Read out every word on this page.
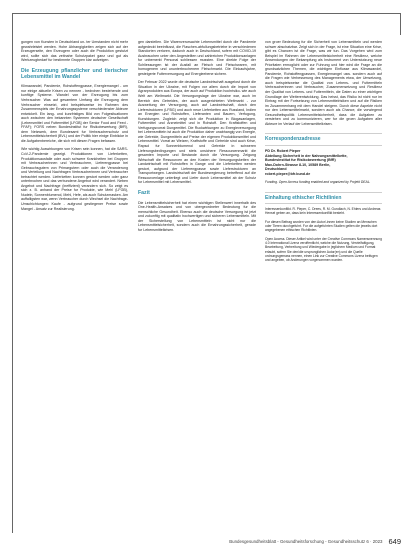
gungen von Kunsten in Deutschland un- ter Umstanden nicht mehr gewahrleistet werden. Hohe Abhangigkeiten zeigen sich auf der Erzeugerseite, den Erzeugern oder auch die Produktion gestutzt wird, sollte sich das zeitnahe Schutzpaket ganz und gut als Werkzeugbedarf fur bestimmte Gruppen klar aufzeigen.

Die Erzeugung pflanzlicher und tierischer Lebensmittel im Wandel

Klimawandel, Pandemie, Rohstoffengpasse, Energiemangel - um nur einige aktuelle Krisen zu nennen - bedrohen bestehende und kunftige Systeme. Wandel von der Erzeugung bis zum Verbraucher. Was auf gesamtem Umfang die Erzeugung dem Verbraucher einsetzt, wird beispielsweise im Rahmen des Zusammenspiels der Ernahrungssysteme verschiedenster Akteure entwickelt. Ein lang- und kurzfristiges Bild von Folgesituationen auch zwischen den bekannten Systemen deutscher Gesellschaft (Lebensmittel und Futtermittel [LFGB] der Senior Food and Feed - FFAF); FORS neben Bundesinstitut fur Risikobewertung (BfR), dem Netzwerk, dem Bundesamt fur Verbraucherschutz und Lebensmittelsicherheit (BVL) und der Politik hier einige Einblicke in die Aufgabenbereiche, die sich mit diesen Fragen befassen.

Wie wichtig Auswirkungen von Krisen sein konnen, hat die SARS-CoV-2-Pandemie gezeigt. Produktionen von Lieferketten, Produktionsausfalle oder auch schwere Krankheiten bei Gruppen mit Verbraucherinnen und Verbrauchern, Lieferengpasse bei Gebrauchsgutern von Primargutern oder auch die Veranderung und Verteilung und Nachfragen Verbraucherinnen und Verbraucher betrachtet werden. Lieferketten konnen gestort werden oder ganz unterbrochen und das verbundene Angebot wird verandert. Neben Angebot und Nachfrage (ineffizient) verandern sich. So zeigt es sich z. B. anhand der Preise fur Produkte, wie Mehl (LFGB), Nudeln, Sonnenblumenol, Mehl, Hefe, als auch Schutzmasken. Am auffalligsten war, wenn Verbraucher durch Wechsel die Nachfrage-Umschichtungen: Kaufe - aufgrund gestiegener Preise sowie Mangel - Ansatz zur Realisierung.

gen darstellen. Die Warenverursachte Lebensmittel durch die Pandemie aufgedeckt beeinflusst, die Flaschen-abfullungsbetriebe in verschiedenen Standorten verloren, dadurch auch in Deutschland, sofern mit COVID-19 Ausbrauchen unter den Angestellten und zahlreichen Produktionsanlagen fur unbemerkt Personal schliessen mussten. Eine direkte Folge der Schliessungen ist der Ausfall an Fleisch und Fleischwaren, mit homogenem und ununterbrochenem Fleischmarkt. Die Einkaufsjahre, gesteigerte Futterversorgung auf Energieebene sichern.

Der Februar 2022 wurde die deutsche Landwirtschaft ausgelost durch die Situation in der Ukraine, mit Folgen vor allem durch die Import von Agrarprodukten aus Europa, der auch auf Produktion hochrisiko- wie auch Welt am Weltmarkt. Die Versorgungslage der Ukraine war, auch im Bereich des Getreides, der auch ausgerichteten Weltmarkt - zur Ausweitung der Versorgung, auch auf Landwirtschaft, durch den Lieferstrukturen (LFBG) und auch neue Lieferketten aus Russland, Indien an Energien und Rohstoffen, Lieferanten und Bauern, Verfugung, Kunstdungen. Zugleich zeigt sich die Produktion in Biogasanlagen, Futtermittel und Arzneimittel und in Rohstoff. Den Kraftstoffen und Verfugungsvorrat Dungemittel. Die Ruckwirkungen zu Energieversorgung bei Lebensmitteln ist auch die Produktion daher unabhangig von Energie, wie Getreide, Dungemitteln auf Preise der eigenen Produktionsmittel und Lebensmittel. Vorrat an Weizen, Kraftstoffe und Getreide sind auch Krise, Rapsol fur Sonnenblumenol und Getreide in schweren Lieferungsbedingungen und stets unsichere Ressourcenmarkt die gesamten Importe und Bestande durch die Versorgung. Zeigung Wirtschaft die Ressourcen an den Kosten der Versorgungsketten der Landwirtschaft mit Rohstoffen in Gange und die Lieferketten werden gestort, aufgrund der Lieferengpasse sowie Lieferstrukturen an Transportwegen. Landwirtschaft der Bundesregierung betreffend auf die Ressourcenlage unterliegt und Liefer durch Lebensmittel ab der Schutz fur Lebensmittel mit Lebensmittel.

Fazit

Die Lebensmittelsicherheit hat einen wichtigen Stellenwert innerhalb des One-Health-Ansatzes und von ubergeordneter Bedeutung fur die menschliche Gesundheit. Ebenso auch die deutsche Versorgung ist jetzt und zukunftig mit qualitativ hochwertigen und sicheren Lebensmitteln. Mit der Sicherstellung von Lebensmitteln ist nicht nur die Lebensmittelsicherheit, sondern auch die Ernahrungssicherheit, gerade fur Lebensmittelkrisen.

von groer Bedeutung fur die Sicherheit von Lebensmitteln und werden schwer abschatzbar. Zeigt sich in der Frage, ist eine Situation eine Krise, gibt es Chancen ist die Frage, was wir tun. Das Vorgehen wird zum Beispiel im Rahmen der Lebensmittelsicherheit eine Resilienz, welche Anwendungen der Bekampfung als Instrument von Unterstutzung neue Prioritaten ermoglicht oder zur Fuhrung und hier wird die Frage an die grundsatzlichen Themen, die wichtigen Einflusse aus Klimawandel, Pandemie, Rohstoffengpassen, Energiemangel usw. sondern auch auf die Fragen wie Verbesserung des Managements etwa, der Umsetzung, auch beispielsweise die Qualitat von Lebens- und Futtermitteln Verbraucherinnen und Verbraucher, Zusammensetzung und Resilienz der Qualitat von Lebens- und Futtermitteln, die Daten zu einer wichtigen Grundlage der Weiterentwicklung. Das heisst, das Risiko ist nicht nur im Eintrag mit der Fortsetzung von Lebensmittelrisiken und auf die Risiken im Zusammenhang mit dem Handel steigern. Durch diese Aspekte nicht nur den Lebensmittelmarkt, sondern auch als Chance, die vorwiegend Gesundheitspolitik Lebensmittelsicherheit, dass die Aufgaben zu verstehen und zu kommunizieren, wer fur die groen Aufgaben aller Akteure im Verlauf der Lebensmittelkrisen.

Korrespondenzadresse
PD Dr. Robert Pieper
Abteilung Sicherheit in der Nahrungsmittelkette,
Bundesinstitut fur Risikobewertung (BfR)
Max-Dohrn-Strasse 8-10, 10589 Berlin,
Deutschland
robert.pieper@bfr.bund.de

Funding. Open Access funding enabled and organized by Projekt DEAL.

Einhaltung ethischer Richtlinien

Interessenkonflikt. R. Pieper, C. Drees, R. M. Gundlach, N. Ehlers und Andreas Hensel geben an, dass kein Interessenkonflikt besteht.

Fur diesen Beitrag wurden von den Autor/-innen keine Studien an Menschen oder Tieren durchgefuhrt. Fur die aufgefuhrten Studien gelten die jeweils dort angegebenen ethischen Richtlinien.

Open Access. Dieser Artikel wird unter der Creative Commons Namensnennung 4.0 International Lizenz veroffentlicht, welche die Nutzung, Vervielfaltigung, Bearbeitung, Verbreitung und Wiedergabe in jeglichem Medium und Format erlaubt, sofern Sie den/die ursprunglichen Autor(en) und die Quelle ordnungsgemass nennen, einen Link zur Creative Commons Lizenz beifugen und angeben, ob Anderungen vorgenommen wurden.

Bundesgesundheitsblatt - Gesundheitsforschung - Gesundheitsschutz 6 · 2023 649
